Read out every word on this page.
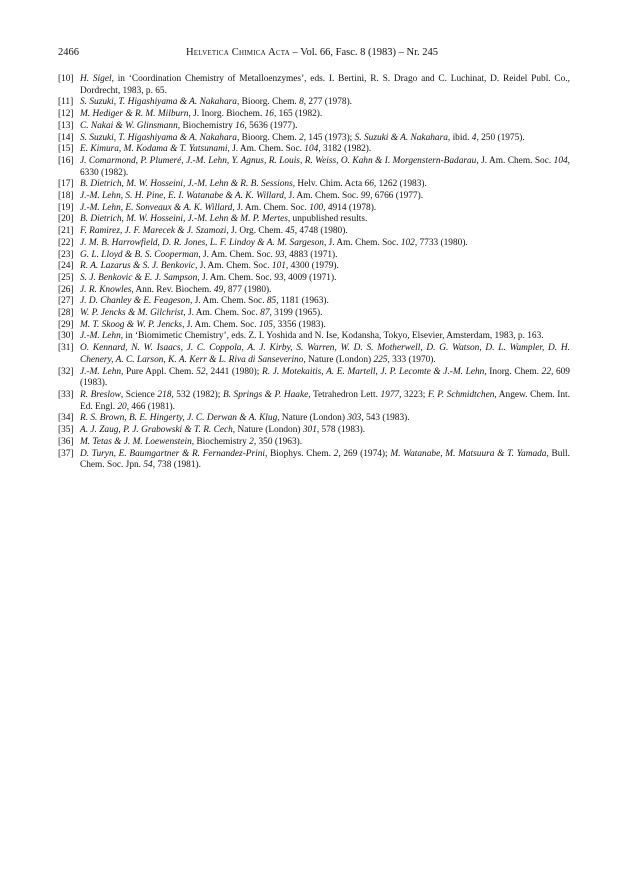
2466	Helvetica Chimica Acta – Vol. 66, Fasc. 8 (1983) – Nr. 245
[10] H. Sigel, in ‘Coordination Chemistry of Metalloenzymes’, eds. I. Bertini, R. S. Drago and C. Luchinat, D. Reidel Publ. Co., Dordrecht, 1983, p. 65.
[11] S. Suzuki, T. Higashiyama & A. Nakahara, Bioorg. Chem. 8, 277 (1978).
[12] M. Hediger & R. M. Milburn, J. Inorg. Biochem. 16, 165 (1982).
[13] C. Nakai & W. Glinsmann, Biochemistry 16, 5636 (1977).
[14] S. Suzuki, T. Higashiyama & A. Nakahara, Bioorg. Chem. 2, 145 (1973); S. Suzuki & A. Nakahara, ibid. 4, 250 (1975).
[15] E. Kimura, M. Kodama & T. Yatsunami, J. Am. Chem. Soc. 104, 3182 (1982).
[16] J. Comarmond, P. Plumeré, J.-M. Lehn, Y. Agnus, R. Louis, R. Weiss, O. Kahn & I. Morgenstern-Badarau, J. Am. Chem. Soc. 104, 6330 (1982).
[17] B. Dietrich, M. W. Hosseini, J.-M. Lehn & R. B. Sessions, Helv. Chim. Acta 66, 1262 (1983).
[18] J.-M. Lehn, S. H. Pine, E. I. Watanabe & A. K. Willard, J. Am. Chem. Soc. 99, 6766 (1977).
[19] J.-M. Lehn, E. Sonveaux & A. K. Willard, J. Am. Chem. Soc. 100, 4914 (1978).
[20] B. Dietrich, M. W. Hosseini, J.-M. Lehn & M. P. Mertes, unpublished results.
[21] F. Ramirez, J. F. Marecek & J. Szamozi, J. Org. Chem. 45, 4748 (1980).
[22] J. M. B. Harrowfield, D. R. Jones, L. F. Lindoy & A. M. Sargeson, J. Am. Chem. Soc. 102, 7733 (1980).
[23] G. L. Lloyd & B. S. Cooperman, J. Am. Chem. Soc. 93, 4883 (1971).
[24] R. A. Lazarus & S. J. Benkovic, J. Am. Chem. Soc. 101, 4300 (1979).
[25] S. J. Benkovic & E. J. Sampson, J. Am. Chem. Soc. 93, 4009 (1971).
[26] J. R. Knowles, Ann. Rev. Biochem. 49, 877 (1980).
[27] J. D. Chanley & E. Feageson, J. Am. Chem. Soc. 85, 1181 (1963).
[28] W. P. Jencks & M. Gilchrist, J. Am. Chem. Soc. 87, 3199 (1965).
[29] M. T. Skoog & W. P. Jencks, J. Am. Chem. Soc. 105, 3356 (1983).
[30] J.-M. Lehn, in ‘Biomimetic Chemistry’, eds. Z. I. Yoshida and N. Ise, Kodansha, Tokyo, Elsevier, Amsterdam, 1983, p. 163.
[31] O. Kennard, N. W. Isaacs, J. C. Coppola, A. J. Kirby, S. Warren, W. D. S. Motherwell, D. G. Watson, D. L. Wampler, D. H. Chenery, A. C. Larson, K. A. Kerr & L. Riva di Sanseverino, Nature (London) 225, 333 (1970).
[32] J.-M. Lehn, Pure Appl. Chem. 52, 2441 (1980); R. J. Motekaitis, A. E. Martell, J. P. Lecomte & J.-M. Lehn, Inorg. Chem. 22, 609 (1983).
[33] R. Breslow, Science 218, 532 (1982); B. Springs & P. Haake, Tetrahedron Lett. 1977, 3223; F. P. Schmidtchen, Angew. Chem. Int. Ed. Engl. 20, 466 (1981).
[34] R. S. Brown, B. E. Hingerty, J. C. Derwan & A. Klug, Nature (London) 303, 543 (1983).
[35] A. J. Zaug, P. J. Grabowski & T. R. Cech, Nature (London) 301, 578 (1983).
[36] M. Tetas & J. M. Loewenstein, Biochemistry 2, 350 (1963).
[37] D. Turyn, E. Baumgartner & R. Fernandez-Prini, Biophys. Chem. 2, 269 (1974); M. Watanabe, M. Matsuura & T. Yamada, Bull. Chem. Soc. Jpn. 54, 738 (1981).
